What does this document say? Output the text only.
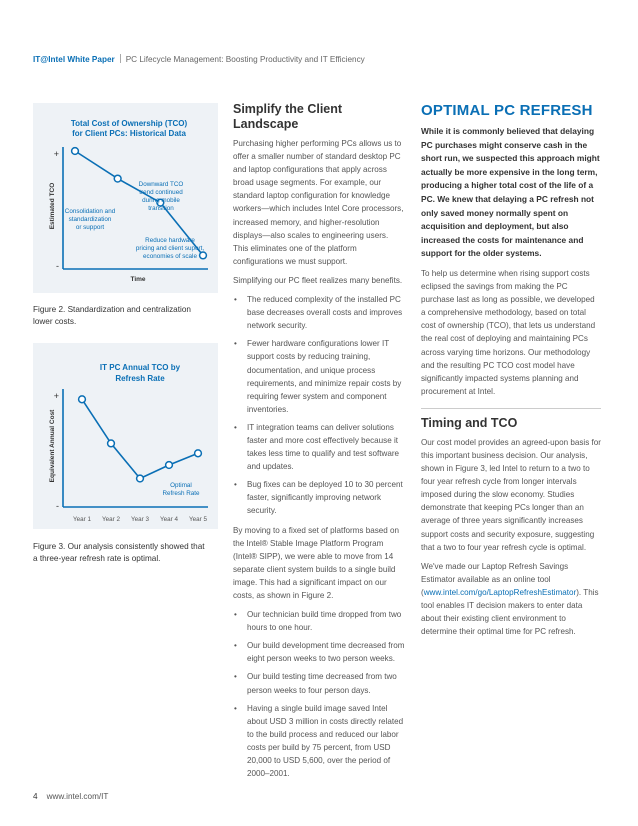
IT@Intel White Paper PC Lifecycle Management: Boosting Productivity and IT Efficiency
Total Cost of Ownership (TCO)
for Client PCs: Historical Data
+
-
Estimated TCO
Time
Consolidation and
standardization
or support
Downward TCO
trend continued
during mobile
transition
Reduce hardware
pricing and client suport,
economies of scale
Figure 2. Standardization and centralization
lower costs.
IT PC Annual TCO by
Refresh Rate
+
-
Equivalent Annual Cost
Year 1 Year 2 Year 3 Year 4 Year 5
Optimal
Refresh Rate
Figure 3. Our analysis consistently showed that
a three-year refresh rate is optimal.
Simplify the Client Landscape

Purchasing higher performing PCs allows us to offer a smaller number of standard desktop PC and laptop configurations that apply across broad usage segments. For example, our standard laptop configuration for knowledge workers—which includes Intel Core processors, increased memory, and higher-resolution displays—also scales to engineering users. This eliminates one of the platform configurations we must support.

Simplifying our PC fleet realizes many benefits.

• The reduced complexity of the installed PC base decreases overall costs and improves network security.
• Fewer hardware configurations lower IT support costs by reducing training, documentation, and unique process requirements, and minimize repair costs by requiring fewer system and component inventories.
• IT integration teams can deliver solutions faster and more cost effectively because it takes less time to qualify and test software and updates.
• Bug fixes can be deployed 10 to 30 percent faster, significantly improving network security.

By moving to a fixed set of platforms based on the Intel® Stable Image Platform Program (Intel® SIPP), we were able to move from 14 separate client system builds to a single build image. This had a significant impact on our costs, as shown in Figure 2.

• Our technician build time dropped from two hours to one hour.
• Our build development time decreased from eight person weeks to two person weeks.
• Our build testing time decreased from two person weeks to four person days.
• Having a single build image saved Intel about USD 3 million in costs directly related to the build process and reduced our labor costs per build by 75 percent, from USD 20,000 to USD 5,600, over the period of 2000–2001.
OPTIMAL PC REFRESH

While it is commonly believed that delaying PC purchases might conserve cash in the short run, we suspected this approach might actually be more expensive in the long term, producing a higher total cost of the life of a PC. We knew that delaying a PC refresh not only saved money normally spent on acquisition and deployment, but also increased the costs for maintenance and support for the older systems.

To help us determine when rising support costs eclipsed the savings from making the PC purchase last as long as possible, we developed a comprehensive methodology, based on total cost of ownership (TCO), that lets us understand the real cost of deploying and maintaining PCs across varying time horizons. Our methodology and the resulting PC TCO cost model have significantly impacted systems planning and procurement at Intel.

Timing and TCO

Our cost model provides an agreed-upon basis for this important business decision. Our analysis, shown in Figure 3, led Intel to return to a two to four year refresh cycle from longer intervals imposed during the slow economy. Studies demonstrate that keeping PCs longer than an average of three years significantly increases support costs and security exposure, suggesting that a two to four year refresh cycle is optimal.

We've made our Laptop Refresh Savings Estimator available as an online tool (www.intel.com/go/LaptopRefreshEstimator). This tool enables IT decision makers to enter data about their existing client environment to determine their optimal time for PC refresh.

4 www.intel.com/IT
